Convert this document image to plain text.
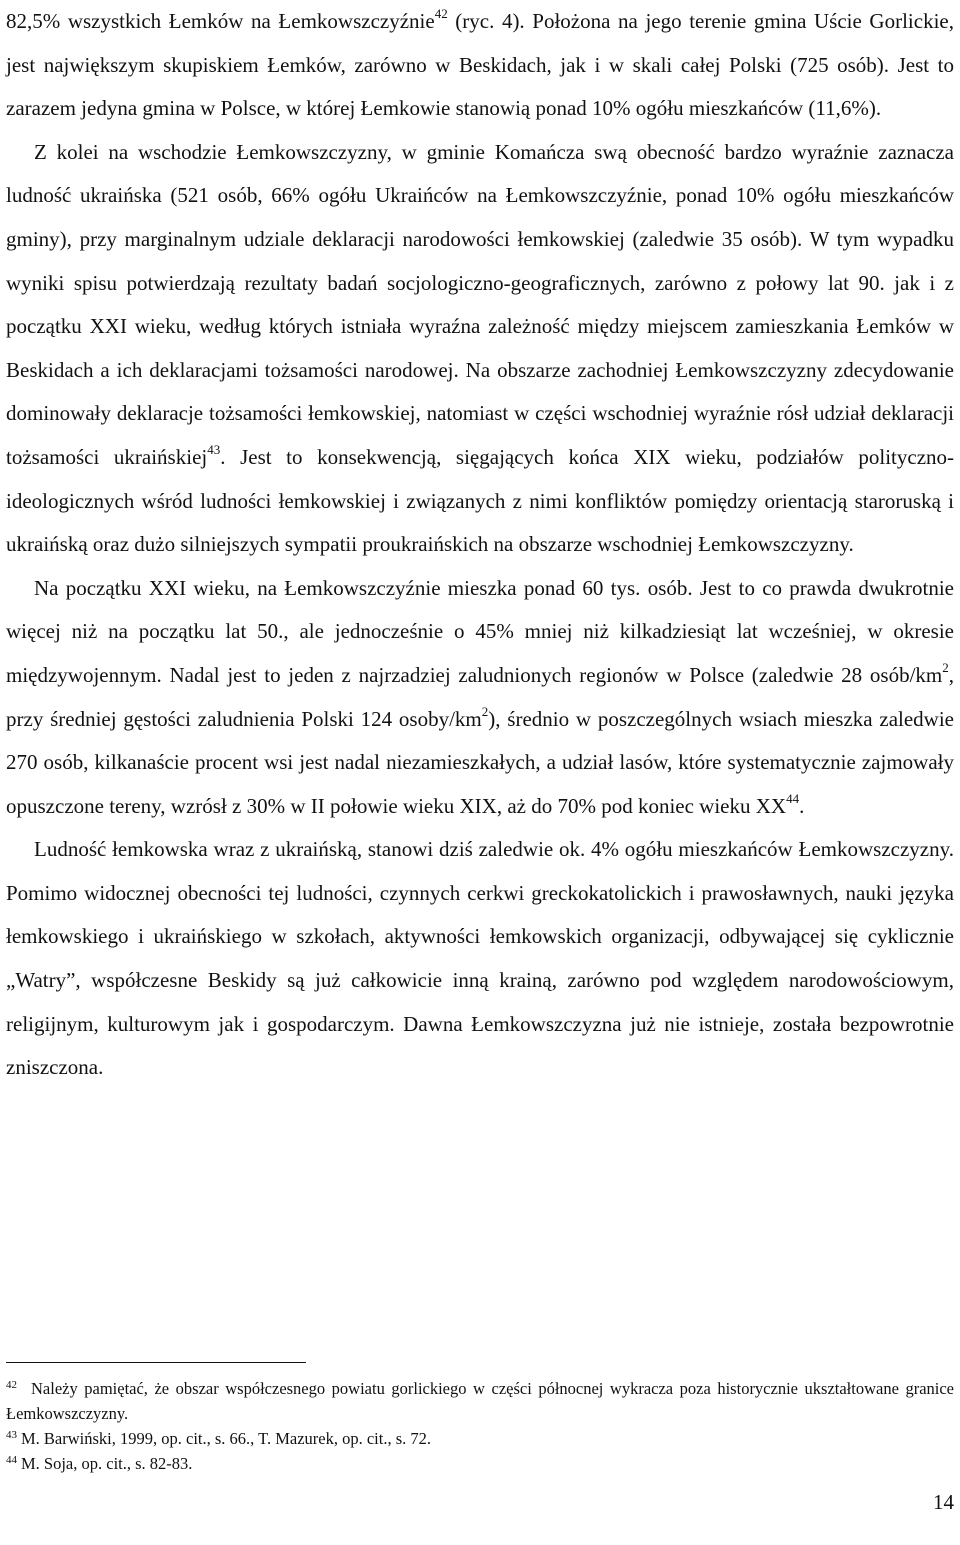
82,5% wszystkich Łemków na Łemkowszczyźnie$^{42}$ (ryc. 4). Położona na jego terenie gmina Uście Gorlickie, jest największym skupiskiem Łemków, zarówno w Beskidach, jak i w skali całej Polski (725 osób). Jest to zarazem jedyna gmina w Polsce, w której Łemkowie stanowią ponad 10% ogółu mieszkańców (11,6%).

Z kolei na wschodzie Łemkowszczyzny, w gminie Komańcza swą obecność bardzo wyraźnie zaznacza ludność ukraińska (521 osób, 66% ogółu Ukraińców na Łemkowszczyźnie, ponad 10% ogółu mieszkańców gminy), przy marginalnym udziale deklaracji narodowości łemkowskiej (zaledwie 35 osób). W tym wypadku wyniki spisu potwierdzają rezultaty badań socjologiczno-geograficznych, zarówno z połowy lat 90. jak i z początku XXI wieku, według których istniała wyraźna zależność między miejscem zamieszkania Łemków w Beskidach a ich deklaracjami tożsamości narodowej. Na obszarze zachodniej Łemkowszczyzny zdecydowanie dominowały deklaracje tożsamości łemkowskiej, natomiast w części wschodniej wyraźnie rósł udział deklaracji tożsamości ukraińskiej$^{43}$. Jest to konsekwencją, sięgających końca XIX wieku, podziałów polityczno-ideologicznych wśród ludności łemkowskiej i związanych z nimi konfliktów pomiędzy orientacją staroruską i ukraińską oraz dużo silniejszych sympatii proukraińskich na obszarze wschodniej Łemkowszczyzny.

Na początku XXI wieku, na Łemkowszczyźnie mieszka ponad 60 tys. osób. Jest to co prawda dwukrotnie więcej niż na początku lat 50., ale jednocześnie o 45% mniej niż kilkadziesiąt lat wcześniej, w okresie międzywojennym. Nadal jest to jeden z najrzadziej zaludnionych regionów w Polsce (zaledwie 28 osób/$km^2$, przy średniej gęstości zaludnienia Polski 124 osoby/$km^2$), średnio w poszczególnych wsiach mieszka zaledwie 270 osób, kilkanaście procent wsi jest nadal niezamieszkałych, a udział lasów, które systematycznie zajmowały opuszczone tereny, wzrósł z 30% w II połowie wieku XIX, aż do 70% pod koniec wieku XX$^{44}$.

Ludność łemkowska wraz z ukraińską, stanowi dziś zaledwie ok. 4% ogółu mieszkańców Łemkowszczyzny. Pomimo widocznej obecności tej ludności, czynnych cerkwi greckokatolickich i prawosławnych, nauki języka łemkowskiego i ukraińskiego w szkołach, aktywności łemkowskich organizacji, odbywającej się cyklicznie „Watry”, współczesne Beskidy są już całkowicie inną krainą, zarówno pod względem narodowościowym, religijnym, kulturowym jak i gospodarczym. Dawna Łemkowszczyzna już nie istnieje, została bezpowrotnie zniszczona.

$^{42}$ Należy pamiętać, że obszar współczesnego powiatu gorlickiego w części północnej wykracza poza historycznie ukształtowane granice Łemkowszczyzny.

$^{43}$ M. Barwiński, 1999, op. cit., s. 66., T. Mazurek, op. cit., s. 72.

$^{44}$ M. Soja, op. cit., s. 82-83.

14
